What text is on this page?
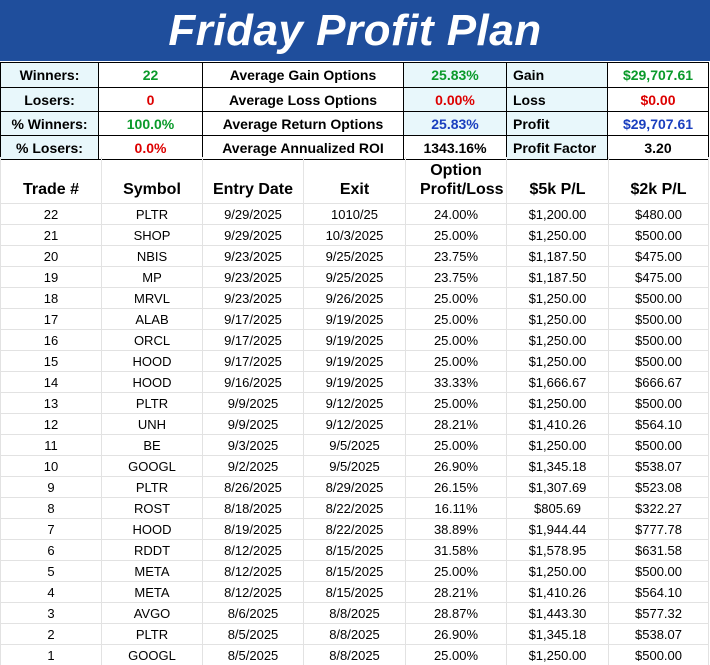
Friday Profit Plan
Winners:	22	Average Gain Options	25.83%	Gain	$29,707.61
Losers:	0	Average Loss Options	0.00%	Loss	$0.00
% Winners:	100.0%	Average Return Options	25.83%	Profit	$29,707.61
% Losers:	0.0%	Average Annualized ROI	1343.16%	Profit Factor	3.20
Trade #	Symbol	Entry Date	Exit	Option Profit/Loss	$5k P/L	$2k P/L
22	PLTR	9/29/2025	1010/25	24.00%	$1,200.00	$480.00
21	SHOP	9/29/2025	10/3/2025	25.00%	$1,250.00	$500.00
20	NBIS	9/23/2025	9/25/2025	23.75%	$1,187.50	$475.00
19	MP	9/23/2025	9/25/2025	23.75%	$1,187.50	$475.00
18	MRVL	9/23/2025	9/26/2025	25.00%	$1,250.00	$500.00
17	ALAB	9/17/2025	9/19/2025	25.00%	$1,250.00	$500.00
16	ORCL	9/17/2025	9/19/2025	25.00%	$1,250.00	$500.00
15	HOOD	9/17/2025	9/19/2025	25.00%	$1,250.00	$500.00
14	HOOD	9/16/2025	9/19/2025	33.33%	$1,666.67	$666.67
13	PLTR	9/9/2025	9/12/2025	25.00%	$1,250.00	$500.00
12	UNH	9/9/2025	9/12/2025	28.21%	$1,410.26	$564.10
11	BE	9/3/2025	9/5/2025	25.00%	$1,250.00	$500.00
10	GOOGL	9/2/2025	9/5/2025	26.90%	$1,345.18	$538.07
9	PLTR	8/26/2025	8/29/2025	26.15%	$1,307.69	$523.08
8	ROST	8/18/2025	8/22/2025	16.11%	$805.69	$322.27
7	HOOD	8/19/2025	8/22/2025	38.89%	$1,944.44	$777.78
6	RDDT	8/12/2025	8/15/2025	31.58%	$1,578.95	$631.58
5	META	8/12/2025	8/15/2025	25.00%	$1,250.00	$500.00
4	META	8/12/2025	8/15/2025	28.21%	$1,410.26	$564.10
3	AVGO	8/6/2025	8/8/2025	28.87%	$1,443.30	$577.32
2	PLTR	8/5/2025	8/8/2025	26.90%	$1,345.18	$538.07
1	GOOGL	8/5/2025	8/8/2025	25.00%	$1,250.00	$500.00
